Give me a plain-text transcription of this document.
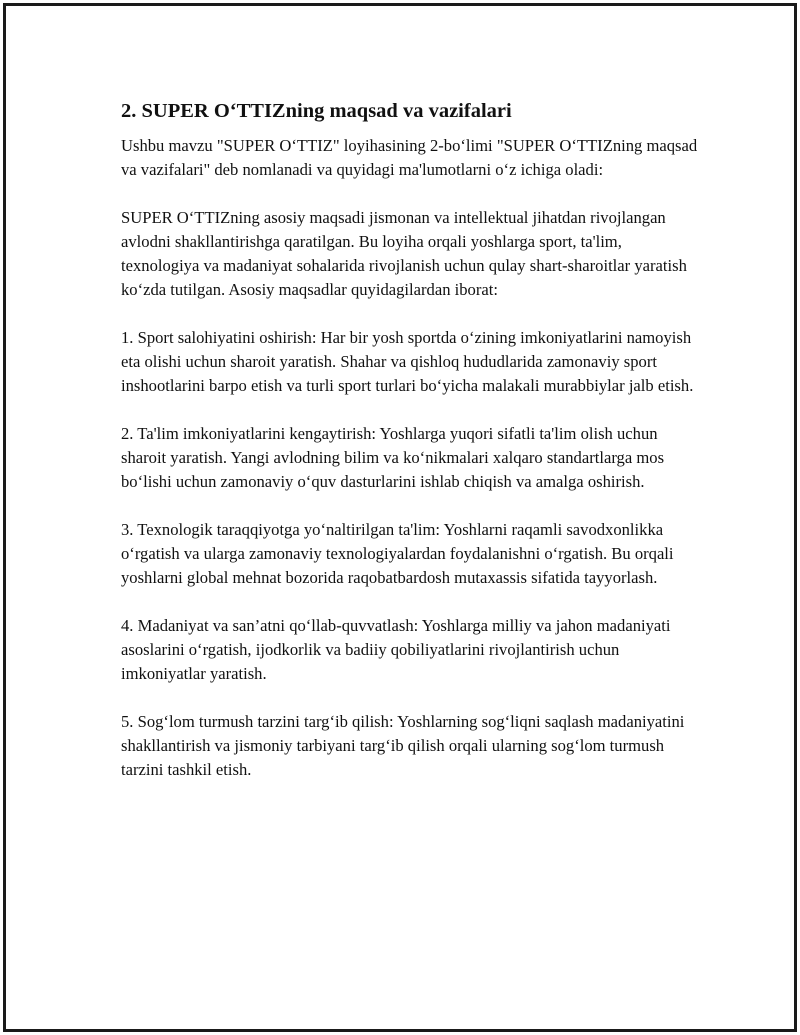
2. SUPER O‘TTIZning maqsad va vazifalari

Ushbu mavzu "SUPER O‘TTIZ" loyihasining 2-bo‘limi "SUPER O‘TTIZning maqsad va vazifalari" deb nomlanadi va quyidagi ma'lumotlarni o‘z ichiga oladi:

SUPER O‘TTIZning asosiy maqsadi jismonan va intellektual jihatdan rivojlangan avlodni shakllantirishga qaratilgan. Bu loyiha orqali yoshlarga sport, ta'lim, texnologiya va madaniyat sohalarida rivojlanish uchun qulay shart-sharoitlar yaratish ko‘zda tutilgan. Asosiy maqsadlar quyidagilardan iborat:

1. Sport salohiyatini oshirish: Har bir yosh sportda o‘zining imkoniyatlarini namoyish eta olishi uchun sharoit yaratish. Shahar va qishloq hududlarida zamonaviy sport inshootlarini barpo etish va turli sport turlari bo‘yicha malakali murabbiylar jalb etish.

2. Ta'lim imkoniyatlarini kengaytirish: Yoshlarga yuqori sifatli ta'lim olish uchun sharoit yaratish. Yangi avlodning bilim va ko‘nikmalari xalqaro standartlarga mos bo‘lishi uchun zamonaviy o‘quv dasturlarini ishlab chiqish va amalga oshirish.

3. Texnologik taraqqiyotga yo‘naltirilgan ta'lim: Yoshlarni raqamli savodxonlikka o‘rgatish va ularga zamonaviy texnologiyalardan foydalanishni o‘rgatish. Bu orqali yoshlarni global mehnat bozorida raqobatbardosh mutaxassis sifatida tayyorlash.

4. Madaniyat va san’atni qo‘llab-quvvatlash: Yoshlarga milliy va jahon madaniyati asoslarini o‘rgatish, ijodkorlik va badiiy qobiliyatlarini rivojlantirish uchun imkoniyatlar yaratish.

5. Sog‘lom turmush tarzini targ‘ib qilish: Yoshlarning sog‘liqni saqlash madaniyatini shakllantirish va jismoniy tarbiyani targ‘ib qilish orqali ularning sog‘lom turmush tarzini tashkil etish.
